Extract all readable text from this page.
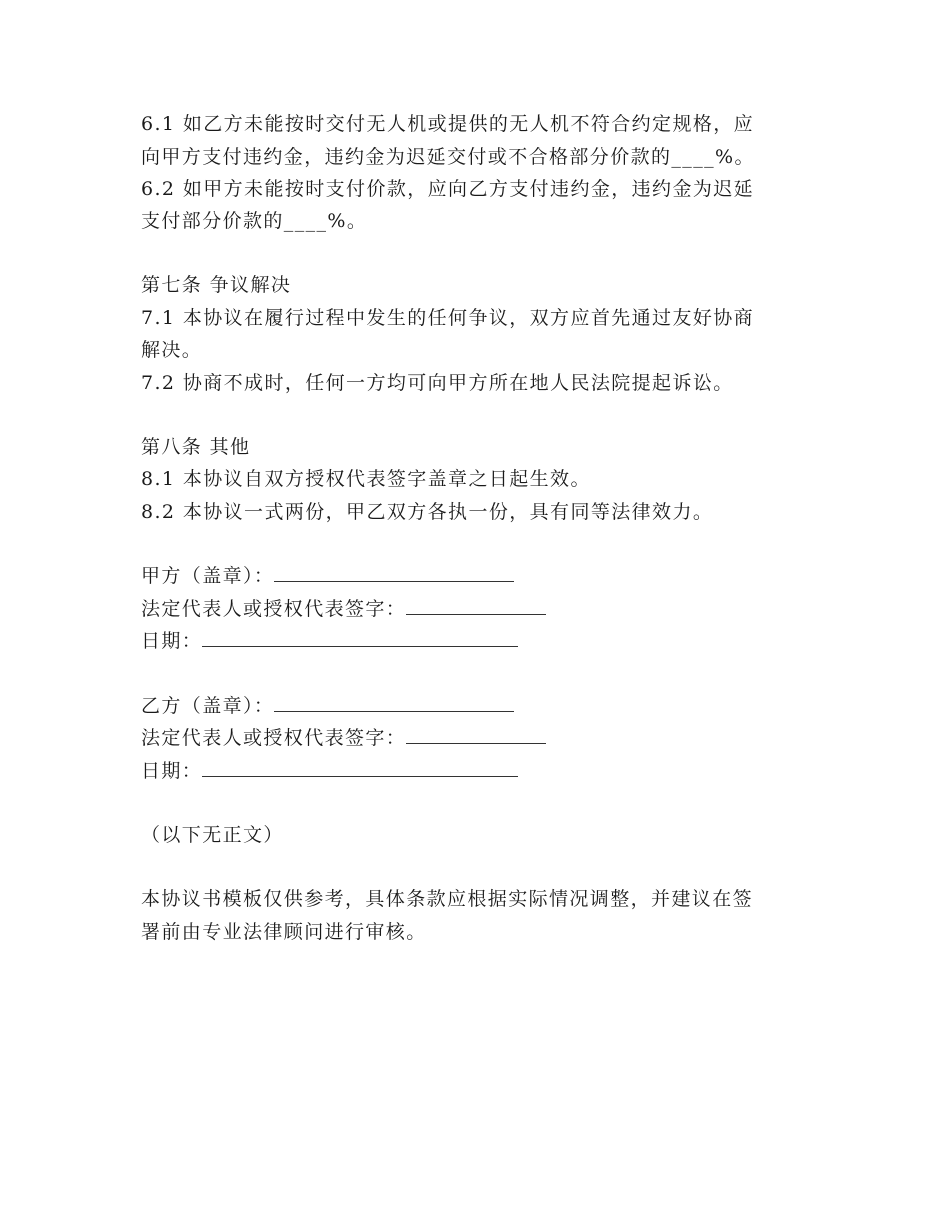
6.1 如乙方未能按时交付无人机或提供的无人机不符合约定规格，应
向甲方支付违约金，违约金为迟延交付或不合格部分价款的____%。
6.2 如甲方未能按时支付价款，应向乙方支付违约金，违约金为迟延
支付部分价款的____%。
第七条 争议解决
7.1 本协议在履行过程中发生的任何争议，双方应首先通过友好协商
解决。
7.2 协商不成时，任何一方均可向甲方所在地人民法院提起诉讼。
第八条 其他
8.1 本协议自双方授权代表签字盖章之日起生效。
8.2 本协议一式两份，甲乙双方各执一份，具有同等法律效力。
甲方（盖章）：
法定代表人或授权代表签字：
日期：
乙方（盖章）：
法定代表人或授权代表签字：
日期：
（以下无正文）
本协议书模板仅供参考，具体条款应根据实际情况调整，并建议在签
署前由专业法律顾问进行审核。
